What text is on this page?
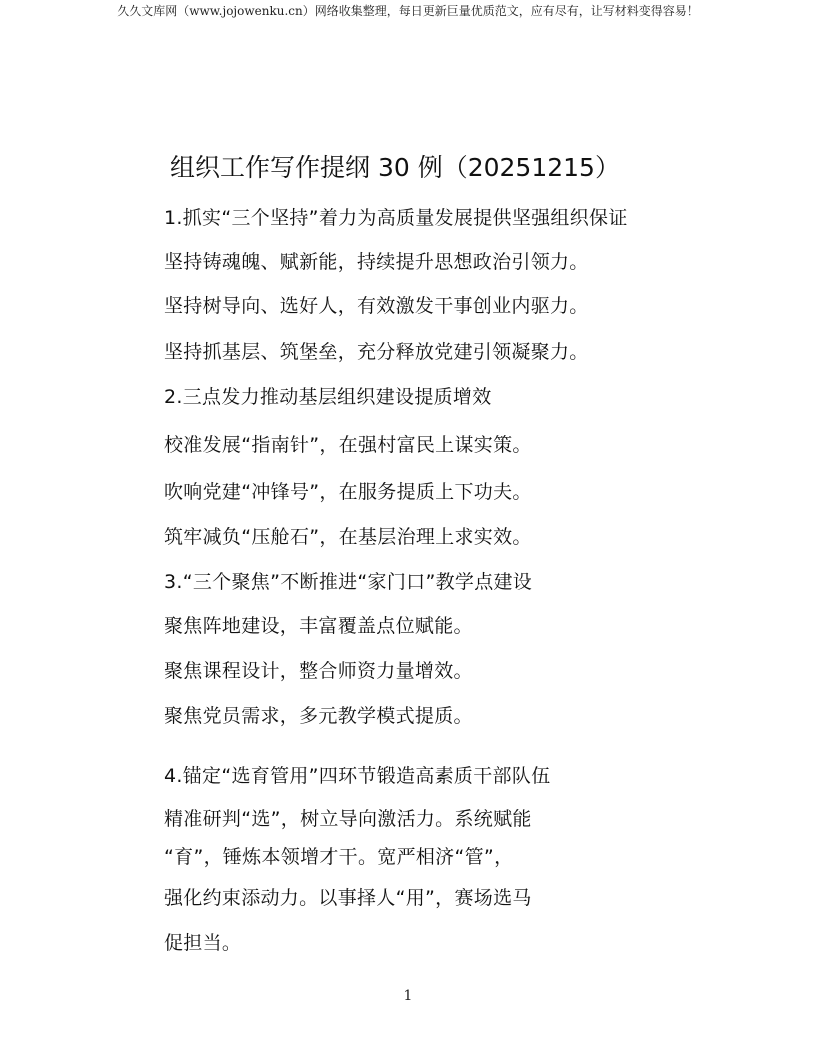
久久文库网（www.jojowenku.cn）网络收集整理，每日更新巨量优质范文，应有尽有，让写材料变得容易！
组织工作写作提纲 30 例（20251215）
1.抓实“三个坚持”着力为高质量发展提供坚强组织保证
坚持铸魂魄、赋新能，持续提升思想政治引领力。
坚持树导向、选好人，有效激发干事创业内驱力。
坚持抓基层、筑堡垒，充分释放党建引领凝聚力。
2.三点发力推动基层组织建设提质增效
校准发展“指南针”，在强村富民上谋实策。
吹响党建“冲锋号”，在服务提质上下功夫。
筑牢减负“压舱石”，在基层治理上求实效。
3.“三个聚焦”不断推进“家门口”教学点建设
聚焦阵地建设，丰富覆盖点位赋能。
聚焦课程设计，整合师资力量增效。
聚焦党员需求，多元教学模式提质。
4.锚定“选育管用”四环节锻造高素质干部队伍
精准研判“选”，树立导向激活力。系统赋能
“育”，锤炼本领增才干。宽严相济“管”，
强化约束添动力。以事择人“用”，赛场选马
促担当。
1
